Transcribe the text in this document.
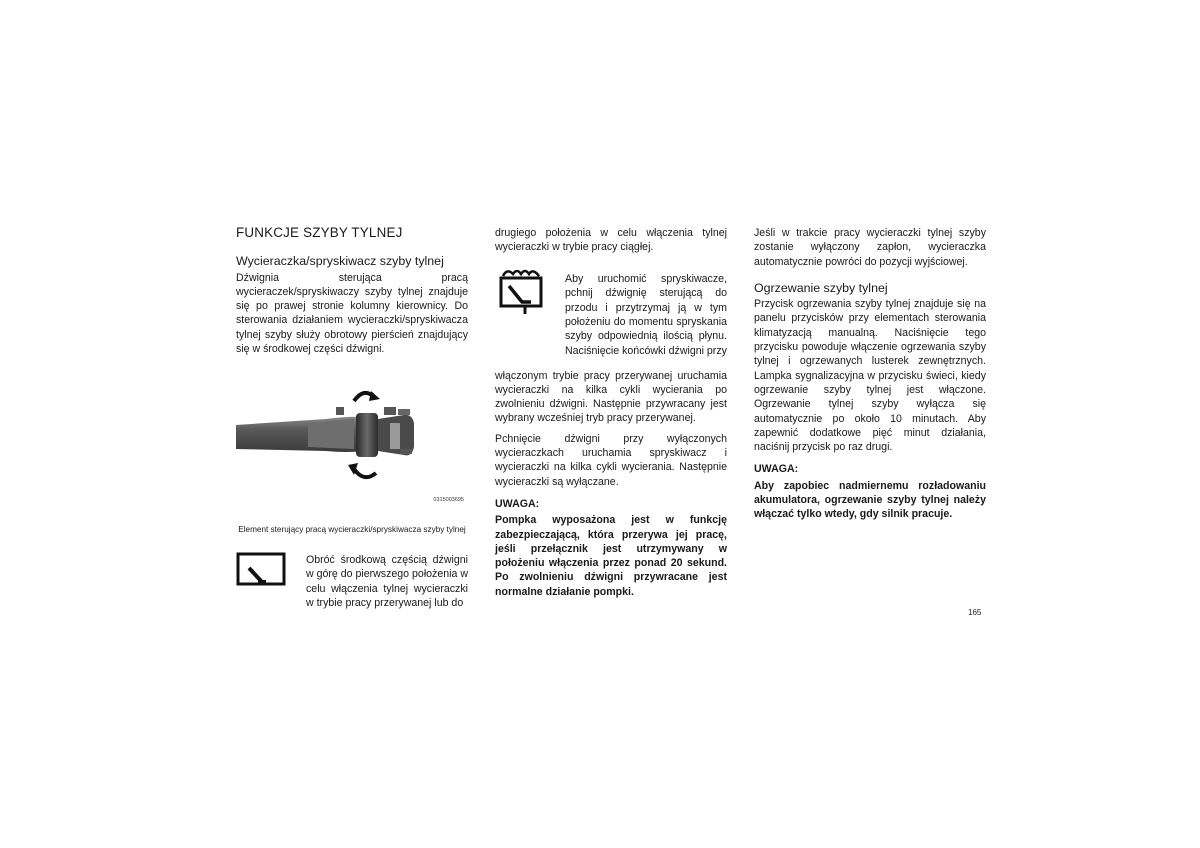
FUNKCJE SZYBY TYLNEJ
Wycieraczka/spryskiwacz szyby tylnej

Dźwignia sterująca pracą wycieraczek/spryskiwaczy szyby tylnej znajduje się po prawej stronie kolumny kierownicy. Do sterowania działaniem wycieraczki/spryskiwacza tylnej szyby służy obrotowy pierścień znajdujący się w środkowej części dźwigni.

0315003695
Element sterujący pracą wycieraczki/spryskiwacza szyby tylnej

Obróć środkową częścią dźwigni w górę do pierwszego położenia w celu włączenia tylnej wycieraczki w trybie pracy przerywanej lub do

drugiego położenia w celu włączenia tylnej wycieraczki w trybie pracy ciągłej.

Aby uruchomić spryskiwacze, pchnij dźwignię sterującą do przodu i przytrzymaj ją w tym położeniu do momentu spryskania szyby odpowiednią ilością płynu. Naciśnięcie końcówki dźwigni przy

włączonym trybie pracy przerywanej uruchamia wycieraczki na kilka cykli wycierania po zwolnieniu dźwigni. Następnie przywracany jest wybrany wcześniej tryb pracy przerywanej.

Pchnięcie dźwigni przy wyłączonych wycieraczkach uruchamia spryskiwacz i wycieraczki na kilka cykli wycierania. Następnie wycieraczki są wyłączane.

UWAGA:

Pompka wyposażona jest w funkcję zabezpieczającą, która przerywa jej pracę, jeśli przełącznik jest utrzymywany w położeniu włączenia przez ponad 20 sekund. Po zwolnieniu dźwigni przywracane jest normalne działanie pompki.

Jeśli w trakcie pracy wycieraczki tylnej szyby zostanie wyłączony zapłon, wycieraczka automatycznie powróci do pozycji wyjściowej.

Ogrzewanie szyby tylnej

Przycisk ogrzewania szyby tylnej znajduje się na panelu przycisków przy elementach sterowania klimatyzacją manualną. Naciśnięcie tego przycisku powoduje włączenie ogrzewania szyby tylnej i ogrzewanych lusterek zewnętrznych. Lampka sygnalizacyjna w przycisku świeci, kiedy ogrzewanie szyby tylnej jest włączone. Ogrzewanie tylnej szyby wyłącza się automatycznie po około 10 minutach. Aby zapewnić dodatkowe pięć minut działania, naciśnij przycisk po raz drugi.

UWAGA:

Aby zapobiec nadmiernemu rozładowaniu akumulatora, ogrzewanie szyby tylnej należy włączać tylko wtedy, gdy silnik pracuje.

165
